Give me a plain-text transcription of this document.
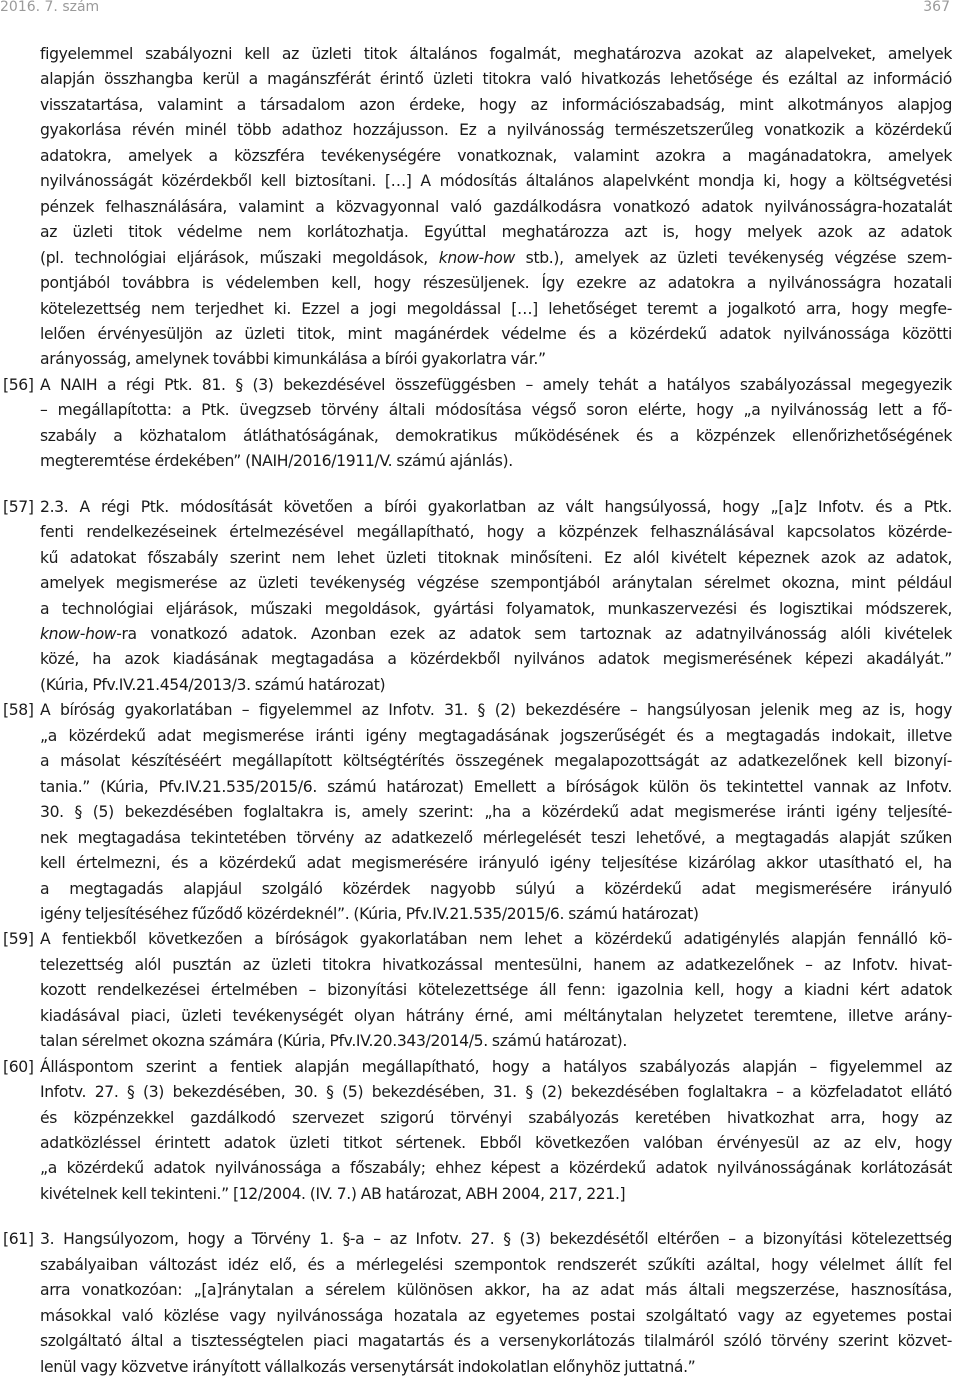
2016. 7. szám	367
figyelemmel szabályozni kell az üzleti titok általános fogalmát, meghatározva azokat az alapelveket, amelyek
alapján összhangba kerül a magánszférát érintő üzleti titokra való hivatkozás lehetősége és ezáltal az információ
visszatartása, valamint a társadalom azon érdeke, hogy az információszabadság, mint alkotmányos alapjog
gyakorlása révén minél több adathoz hozzájusson. Ez a nyilvánosság természetszerűleg vonatkozik a közérdekű
adatokra, amelyek a közszféra tevékenységére vonatkoznak, valamint azokra a magánadatokra, amelyek
nyilvánosságát közérdekből kell biztosítani. […] A módosítás általános alapelvként mondja ki, hogy a költségvetési
pénzek felhasználására, valamint a közvagyonnal való gazdálkodásra vonatkozó adatok nyilvánosságra-hozatalát
az üzleti titok védelme nem korlátozhatja. Egyúttal meghatározza azt is, hogy melyek azok az adatok
(pl. technológiai eljárások, műszaki megoldások, know-how stb.), amelyek az üzleti tevékenység végzése szem-
pontjából továbbra is védelemben kell, hogy részesüljenek. Így ezekre az adatokra a nyilvánosságra hozatali
kötelezettség nem terjedhet ki. Ezzel a jogi megoldással […] lehetőséget teremt a jogalkotó arra, hogy megfe-
lelően érvényesüljön az üzleti titok, mint magánérdek védelme és a közérdekű adatok nyilvánossága közötti
arányosság, amelynek további kimunkálása a bírói gyakorlatra vár.”
[56] A NAIH a régi Ptk. 81. § (3) bekezdésével összefüggésben – amely tehát a hatályos szabályozással megegyezik
– megállapította: a Ptk. üvegzseb törvény általi módosítása végső soron elérte, hogy „a nyilvánosság lett a fő-
szabály a közhatalom átláthatóságának, demokratikus működésének és a közpénzek ellenőrizhetőségének
megteremtése érdekében” (NAIH/2016/1911/V. számú ajánlás).
[57] 2.3. A régi Ptk. módosítását követően a bírói gyakorlatban az vált hangsúlyossá, hogy „[a]z Infotv. és a Ptk.
fenti rendelkezéseinek értelmezésével megállapítható, hogy a közpénzek felhasználásával kapcsolatos közérde-
kű adatokat főszabály szerint nem lehet üzleti titoknak minősíteni. Ez alól kivételt képeznek azok az adatok,
amelyek megismerése az üzleti tevékenység végzése szempontjából aránytalan sérelmet okozna, mint például
a technológiai eljárások, műszaki megoldások, gyártási folyamatok, munkaszervezési és logisztikai módszerek,
know-how-ra vonatkozó adatok. Azonban ezek az adatok sem tartoznak az adatnyilvánosság alóli kivételek
közé, ha azok kiadásának megtagadása a közérdekből nyilvános adatok megismerésének képezi akadályát.”
(Kúria, Pfv.IV.21.454/2013/3. számú határozat)
[58] A bíróság gyakorlatában – figyelemmel az Infotv. 31. § (2) bekezdésére – hangsúlyosan jelenik meg az is, hogy
„a közérdekű adat megismerése iránti igény megtagadásának jogszerűségét és a megtagadás indokait, illetve
a másolat készítéséért megállapított költségtérítés összegének megalapozottságát az adatkezelőnek kell bizonyí-
tania.” (Kúria, Pfv.IV.21.535/2015/6. számú határozat) Emellett a bíróságok külön ös tekintettel vannak az Infotv.
30. § (5) bekezdésében foglaltakra is, amely szerint: „ha a közérdekű adat megismerése iránti igény teljesíté-
nek megtagadása tekintetében törvény az adatkezelő mérlegelését teszi lehetővé, a megtagadás alapját szűken
kell értelmezni, és a közérdekű adat megismerésére irányuló igény teljesítése kizárólag akkor utasítható el, ha
a megtagadás alapjául szolgáló közérdek nagyobb súlyú a közérdekű adat megismerésére irányuló
igény teljesítéséhez fűződő közérdeknél”. (Kúria, Pfv.IV.21.535/2015/6. számú határozat)
[59] A fentiekből következően a bíróságok gyakorlatában nem lehet a közérdekű adatigénylés alapján fennálló kö-
telezettség alól pusztán az üzleti titokra hivatkozással mentesülni, hanem az adatkezelőnek – az Infotv. hivat-
kozott rendelkezései értelmében – bizonyítási kötelezettsége áll fenn: igazolnia kell, hogy a kiadni kért adatok
kiadásával piaci, üzleti tevékenységét olyan hátrány érné, ami méltánytalan helyzetet teremtene, illetve arány-
talan sérelmet okozna számára (Kúria, Pfv.IV.20.343/2014/5. számú határozat).
[60] Álláspontom szerint a fentiek alapján megállapítható, hogy a hatályos szabályozás alapján – figyelemmel az
Infotv. 27. § (3) bekezdésében, 30. § (5) bekezdésében, 31. § (2) bekezdésében foglaltakra – a közfeladatot ellátó
és közpénzekkel gazdálkodó szervezet szigorú törvényi szabályozás keretében hivatkozhat arra, hogy az
adatközléssel érintett adatok üzleti titkot sértenek. Ebből következően valóban érvényesül az az elv, hogy
„a közérdekű adatok nyilvánossága a főszabály; ehhez képest a közérdekű adatok nyilvánosságának korlátozását
kivételnek kell tekinteni.” [12/2004. (IV. 7.) AB határozat, ABH 2004, 217, 221.]
[61] 3. Hangsúlyozom, hogy a Törvény 1. §-a – az Infotv. 27. § (3) bekezdésétől eltérően – a bizonyítási kötelezettség
szabályaiban változást idéz elő, és a mérlegelési szempontok rendszerét szűkíti azáltal, hogy vélelmet állít fel
arra vonatkozóan: „[a]ránytalan a sérelem különösen akkor, ha az adat más általi megszerzése, hasznosítása,
másokkal való közlése vagy nyilvánossága hozatala az egyetemes postai szolgáltató vagy az egyetemes postai
szolgáltató által a tisztességtelen piaci magatartás és a versenykorlátozás tilalmáról szóló törvény szerint közvet-
lenül vagy közvetve irányított vállalkozás versenytársát indokolatlan előnyhöz juttatná.”
